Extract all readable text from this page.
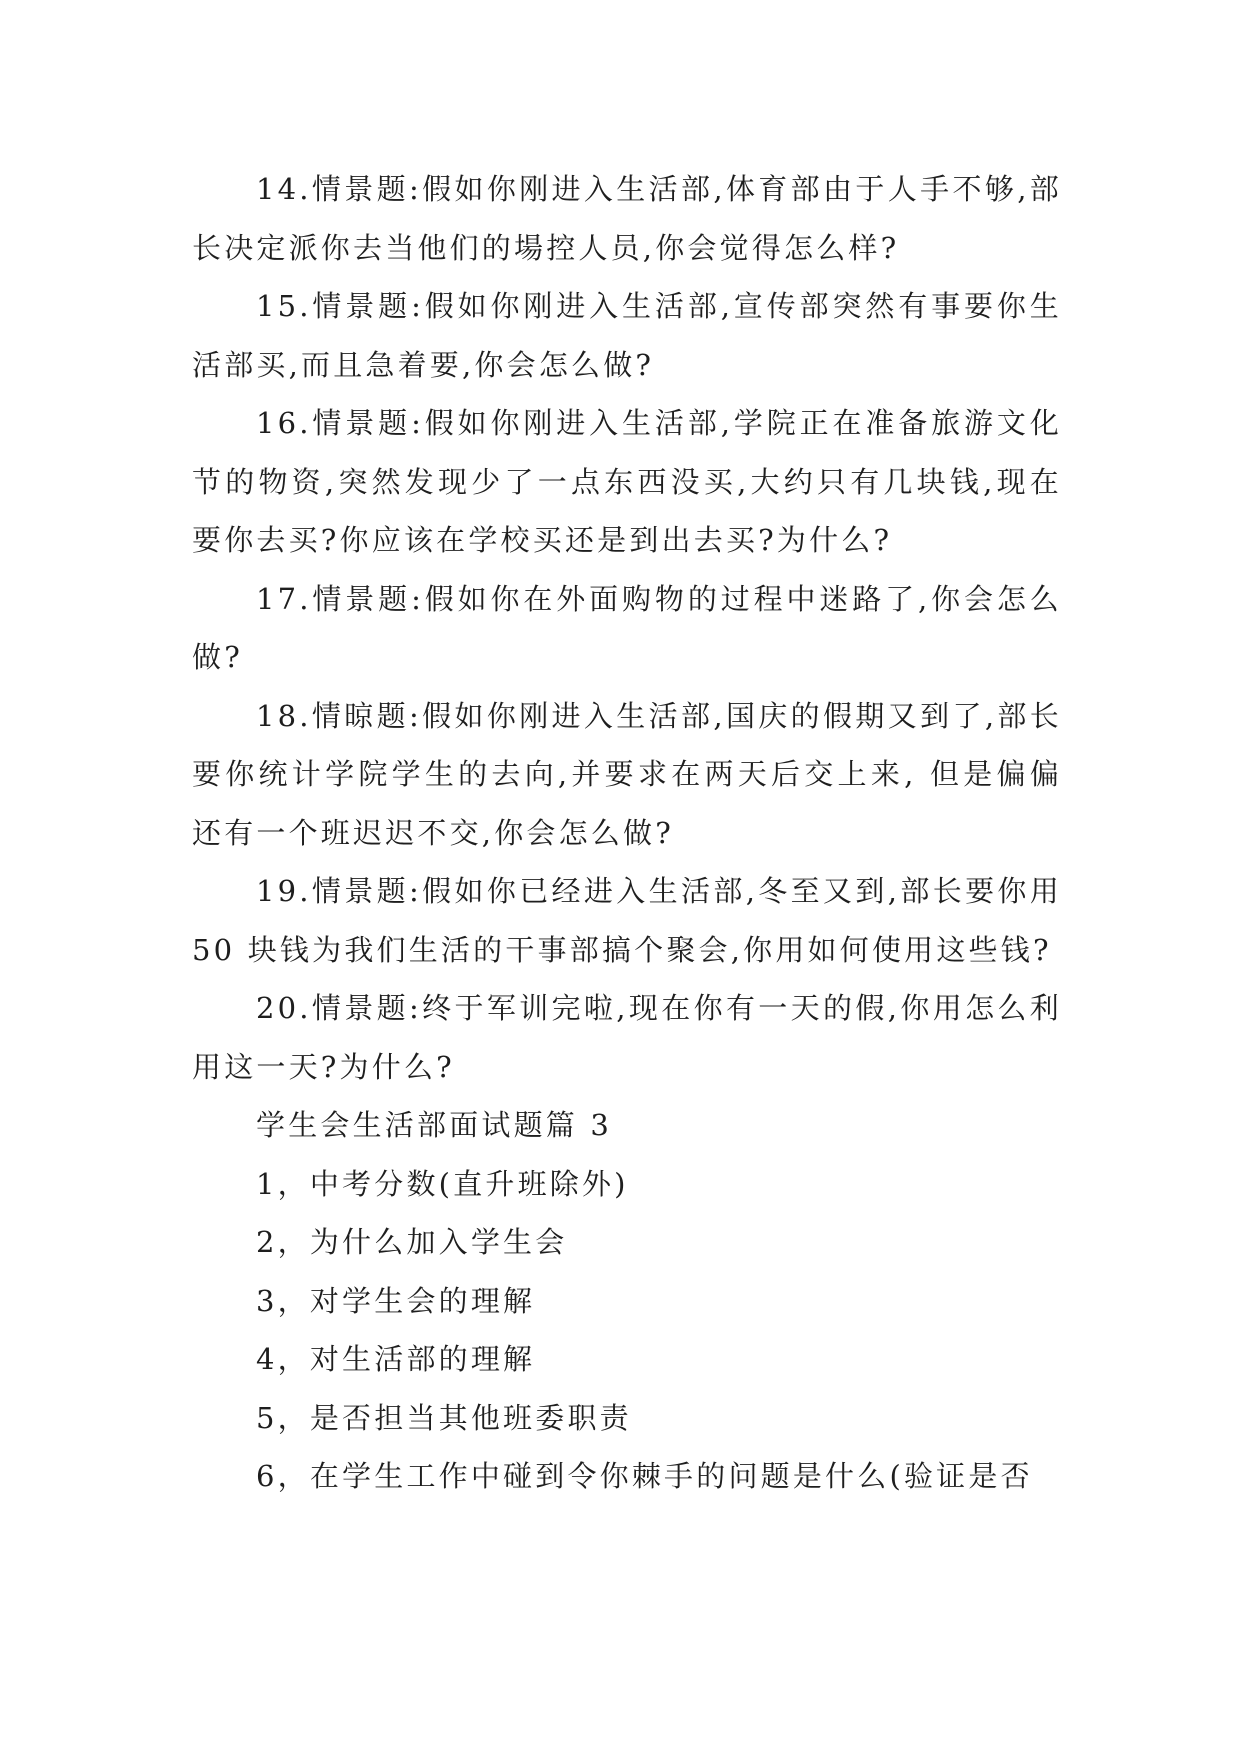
14.情景题:假如你刚进入生活部,体育部由于人手不够,部长决定派你去当他们的場控人员,你会觉得怎么样?

15.情景题:假如你刚进入生活部,宣传部突然有事要你生活部买,而且急着要,你会怎么做?

16.情景题:假如你刚进入生活部,学院正在准备旅游文化节的物资,突然发现少了一点东西没买,大约只有几块钱,现在要你去买?你应该在学校买还是到出去买?为什么?

17.情景题:假如你在外面购物的过程中迷路了,你会怎么做?

18.情晾题:假如你刚进入生活部,国庆的假期又到了,部长要你统计学院学生的去向,并要求在两天后交上来, 但是偏偏还有一个班迟迟不交,你会怎么做?

19.情景题:假如你已经进入生活部,冬至又到,部长要你用 50 块钱为我们生活的干事部搞个聚会,你用如何使用这些钱?

20.情景题:终于军训完啦,现在你有一天的假,你用怎么利用这一天?为什么?

学生会生活部面试题篇 3

1，中考分数(直升班除外)

2，为什么加入学生会

3，对学生会的理解

4，对生活部的理解

5，是否担当其他班委职责

6，在学生工作中碰到令你棘手的问题是什么(验证是否
